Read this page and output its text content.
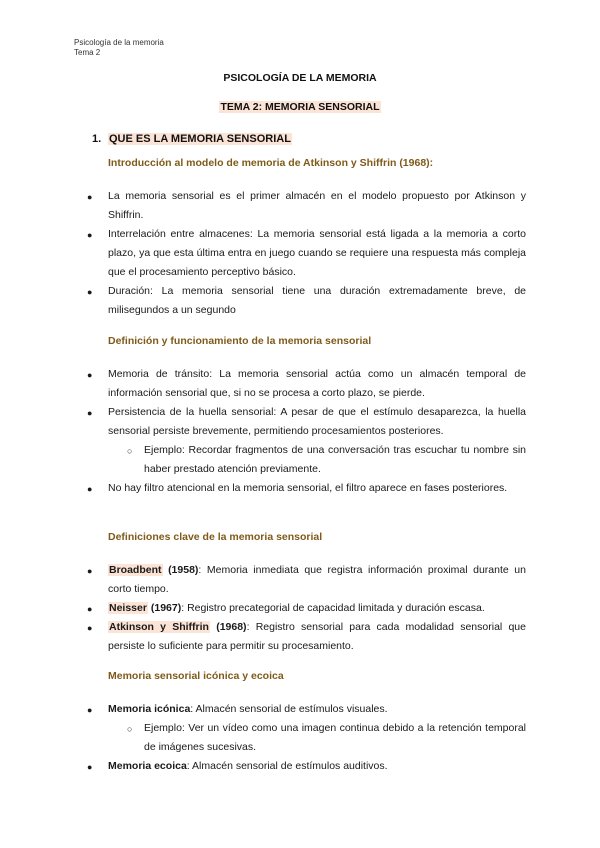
Psicología de la memoria
Tema 2
PSICOLOGÍA DE LA MEMORIA
TEMA 2: MEMORIA SENSORIAL
1. QUE ES LA MEMORIA SENSORIAL
Introducción al modelo de memoria de Atkinson y Shiffrin (1968):
● La memoria sensorial es el primer almacén en el modelo propuesto por Atkinson y Shiffrin.
● Interrelación entre almacenes: La memoria sensorial está ligada a la memoria a corto plazo, ya que esta última entra en juego cuando se requiere una respuesta más compleja que el procesamiento perceptivo básico.
● Duración: La memoria sensorial tiene una duración extremadamente breve, de milisegundos a un segundo
Definición y funcionamiento de la memoria sensorial
● Memoria de tránsito: La memoria sensorial actúa como un almacén temporal de información sensorial que, si no se procesa a corto plazo, se pierde.
● Persistencia de la huella sensorial: A pesar de que el estímulo desaparezca, la huella sensorial persiste brevemente, permitiendo procesamientos posteriores.
○ Ejemplo: Recordar fragmentos de una conversación tras escuchar tu nombre sin haber prestado atención previamente.
● No hay filtro atencional en la memoria sensorial, el filtro aparece en fases posteriores.
Definiciones clave de la memoria sensorial
● Broadbent (1958): Memoria inmediata que registra información proximal durante un corto tiempo.
● Neisser (1967): Registro precategorial de capacidad limitada y duración escasa.
● Atkinson y Shiffrin (1968): Registro sensorial para cada modalidad sensorial que persiste lo suficiente para permitir su procesamiento.
Memoria sensorial icónica y ecoica
● Memoria icónica: Almacén sensorial de estímulos visuales.
○ Ejemplo: Ver un vídeo como una imagen continua debido a la retención temporal de imágenes sucesivas.
● Memoria ecoica: Almacén sensorial de estímulos auditivos.
